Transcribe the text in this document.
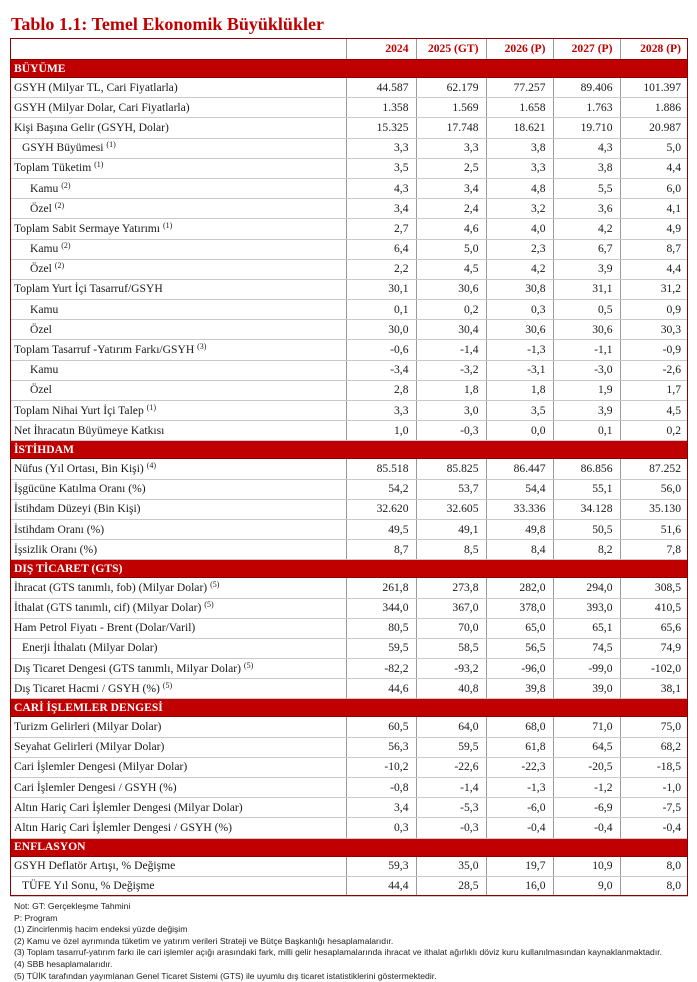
Tablo 1.1: Temel Ekonomik Büyüklükler
	2024	2025 (GT)	2026 (P)	2027 (P)	2028 (P)
BÜYÜME					
GSYH (Milyar TL, Cari Fiyatlarla)	44.587	62.179	77.257	89.406	101.397
GSYH (Milyar Dolar, Cari Fiyatlarla)	1.358	1.569	1.658	1.763	1.886
Kişi Başına Gelir (GSYH, Dolar)	15.325	17.748	18.621	19.710	20.987
GSYH Büyümesi $^{(1)}$	3,3	3,3	3,8	4,3	5,0
Toplam Tüketim $^{(1)}$	3,5	2,5	3,3	3,8	4,4
Kamu $^{(2)}$	4,3	3,4	4,8	5,5	6,0
Özel $^{(2)}$	3,4	2,4	3,2	3,6	4,1
Toplam Sabit Sermaye Yatırımı $^{(1)}$	2,7	4,6	4,0	4,2	4,9
Kamu $^{(2)}$	6,4	5,0	2,3	6,7	8,7
Özel $^{(2)}$	2,2	4,5	4,2	3,9	4,4
Toplam Yurt İçi Tasarruf/GSYH	30,1	30,6	30,8	31,1	31,2
Kamu	0,1	0,2	0,3	0,5	0,9
Özel	30,0	30,4	30,6	30,6	30,3
Toplam Tasarruf -Yatırım Farkı/GSYH $^{(3)}$	-0,6	-1,4	-1,3	-1,1	-0,9
Kamu	-3,4	-3,2	-3,1	-3,0	-2,6
Özel	2,8	1,8	1,8	1,9	1,7
Toplam Nihai Yurt İçi Talep $^{(1)}$	3,3	3,0	3,5	3,9	4,5
Net İhracatın Büyümeye Katkısı	1,0	-0,3	0,0	0,1	0,2
İSTİHDAM					
Nüfus (Yıl Ortası, Bin Kişi) $^{(4)}$	85.518	85.825	86.447	86.856	87.252
İşgücüne Katılma Oranı (%)	54,2	53,7	54,4	55,1	56,0
İstihdam Düzeyi (Bin Kişi)	32.620	32.605	33.336	34.128	35.130
İstihdam Oranı (%)	49,5	49,1	49,8	50,5	51,6
İşsizlik Oranı (%)	8,7	8,5	8,4	8,2	7,8
DIŞ TİCARET (GTS)					
İhracat (GTS tanımlı, fob) (Milyar Dolar) $^{(5)}$	261,8	273,8	282,0	294,0	308,5
İthalat (GTS tanımlı, cif) (Milyar Dolar) $^{(5)}$	344,0	367,0	378,0	393,0	410,5
Ham Petrol Fiyatı - Brent (Dolar/Varil)	80,5	70,0	65,0	65,1	65,6
Enerji İthalatı (Milyar Dolar)	59,5	58,5	56,5	74,5	74,9
Dış Ticaret Dengesi (GTS tanımlı, Milyar Dolar) $^{(5)}$	-82,2	-93,2	-96,0	-99,0	-102,0
Dış Ticaret Hacmi / GSYH (%) $^{(5)}$	44,6	40,8	39,8	39,0	38,1
CARİ İŞLEMLER DENGESİ					
Turizm Gelirleri (Milyar Dolar)	60,5	64,0	68,0	71,0	75,0
Seyahat Gelirleri (Milyar Dolar)	56,3	59,5	61,8	64,5	68,2
Cari İşlemler Dengesi (Milyar Dolar)	-10,2	-22,6	-22,3	-20,5	-18,5
Cari İşlemler Dengesi / GSYH (%)	-0,8	-1,4	-1,3	-1,2	-1,0
Altın Hariç Cari İşlemler Dengesi (Milyar Dolar)	3,4	-5,3	-6,0	-6,9	-7,5
Altın Hariç Cari İşlemler Dengesi / GSYH (%)	0,3	-0,3	-0,4	-0,4	-0,4
ENFLASYON					
GSYH Deflatör Artışı, % Değişme	59,3	35,0	19,7	10,9	8,0
TÜFE Yıl Sonu, % Değişme	44,4	28,5	16,0	9,0	8,0
Not: GT: Gerçekleşme Tahmini
P: Program
(1) Zincirlenmiş hacim endeksi yüzde değişim
(2) Kamu ve özel ayrımında tüketim ve yatırım verileri Strateji ve Bütçe Başkanlığı hesaplamalarıdır.
(3) Toplam tasarruf-yatırım farkı ile cari işlemler açığı arasındaki fark, milli gelir hesaplamalarında ihracat ve ithalat ağırlıklı döviz kuru kullanılmasından kaynaklanmaktadır.
(4) SBB hesaplamalarıdır.
(5) TÜİK tarafından yayımlanan Genel Ticaret Sistemi (GTS) ile uyumlu dış ticaret istatistiklerini göstermektedir.
